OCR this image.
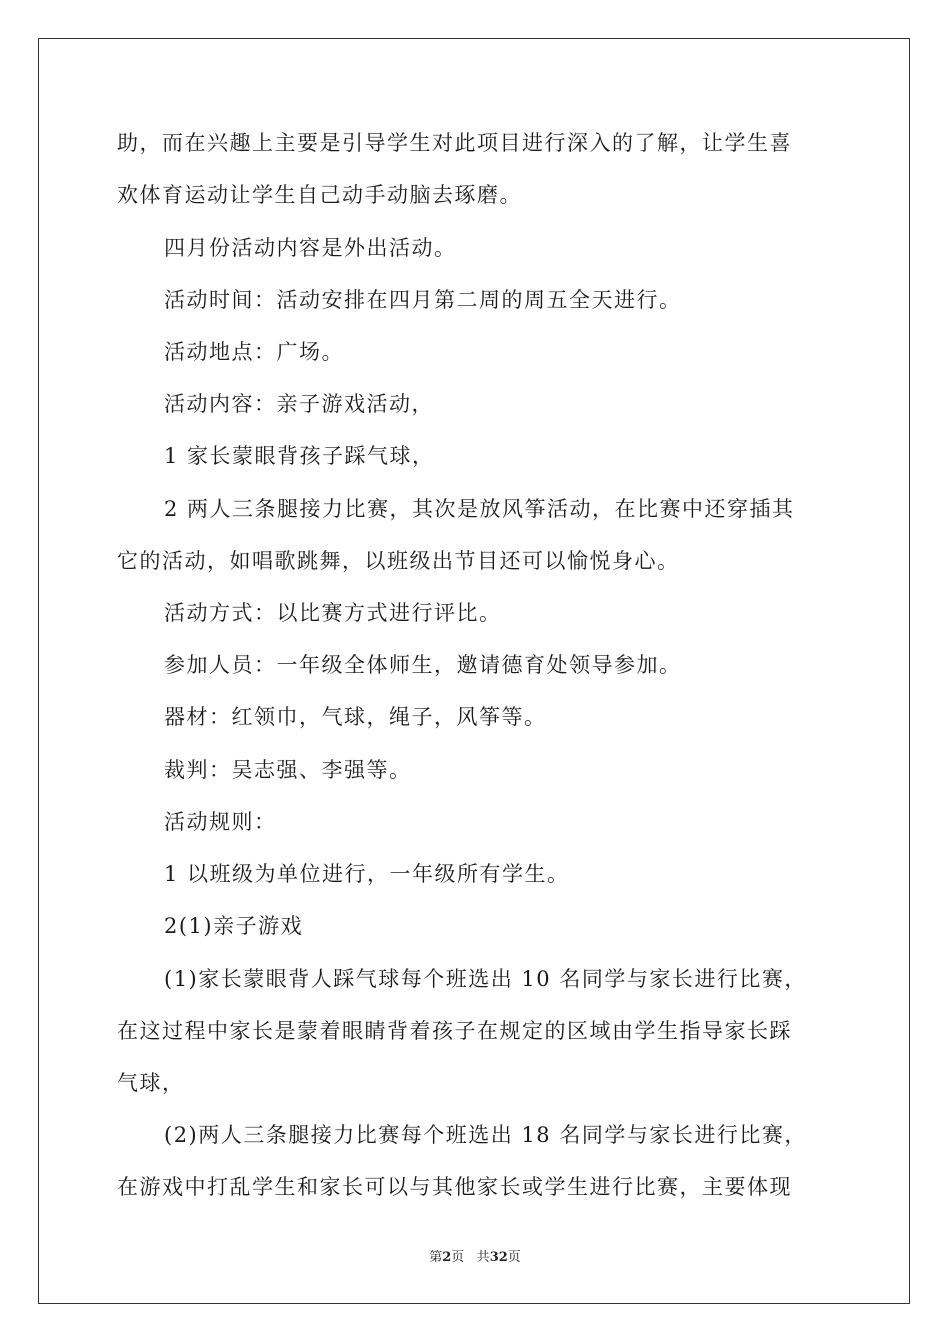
助，而在兴趣上主要是引导学生对此项目进行深入的了解，让学生喜
欢体育运动让学生自己动手动脑去琢磨。
四月份活动内容是外出活动。
活动时间：活动安排在四月第二周的周五全天进行。
活动地点：广场。
活动内容：亲子游戏活动，
1 家长蒙眼背孩子踩气球，
2 两人三条腿接力比赛，其次是放风筝活动，在比赛中还穿插其
它的活动，如唱歌跳舞，以班级出节目还可以愉悦身心。
活动方式：以比赛方式进行评比。
参加人员：一年级全体师生，邀请德育处领导参加。
器材：红领巾，气球，绳子，风筝等。
裁判：吴志强、李强等。
活动规则：
1 以班级为单位进行，一年级所有学生。
2(1)亲子游戏
(1)家长蒙眼背人踩气球每个班选出 10 名同学与家长进行比赛，
在这过程中家长是蒙着眼睛背着孩子在规定的区域由学生指导家长踩
气球，
(2)两人三条腿接力比赛每个班选出 18 名同学与家长进行比赛，
在游戏中打乱学生和家长可以与其他家长或学生进行比赛，主要体现
第2页 共32页
